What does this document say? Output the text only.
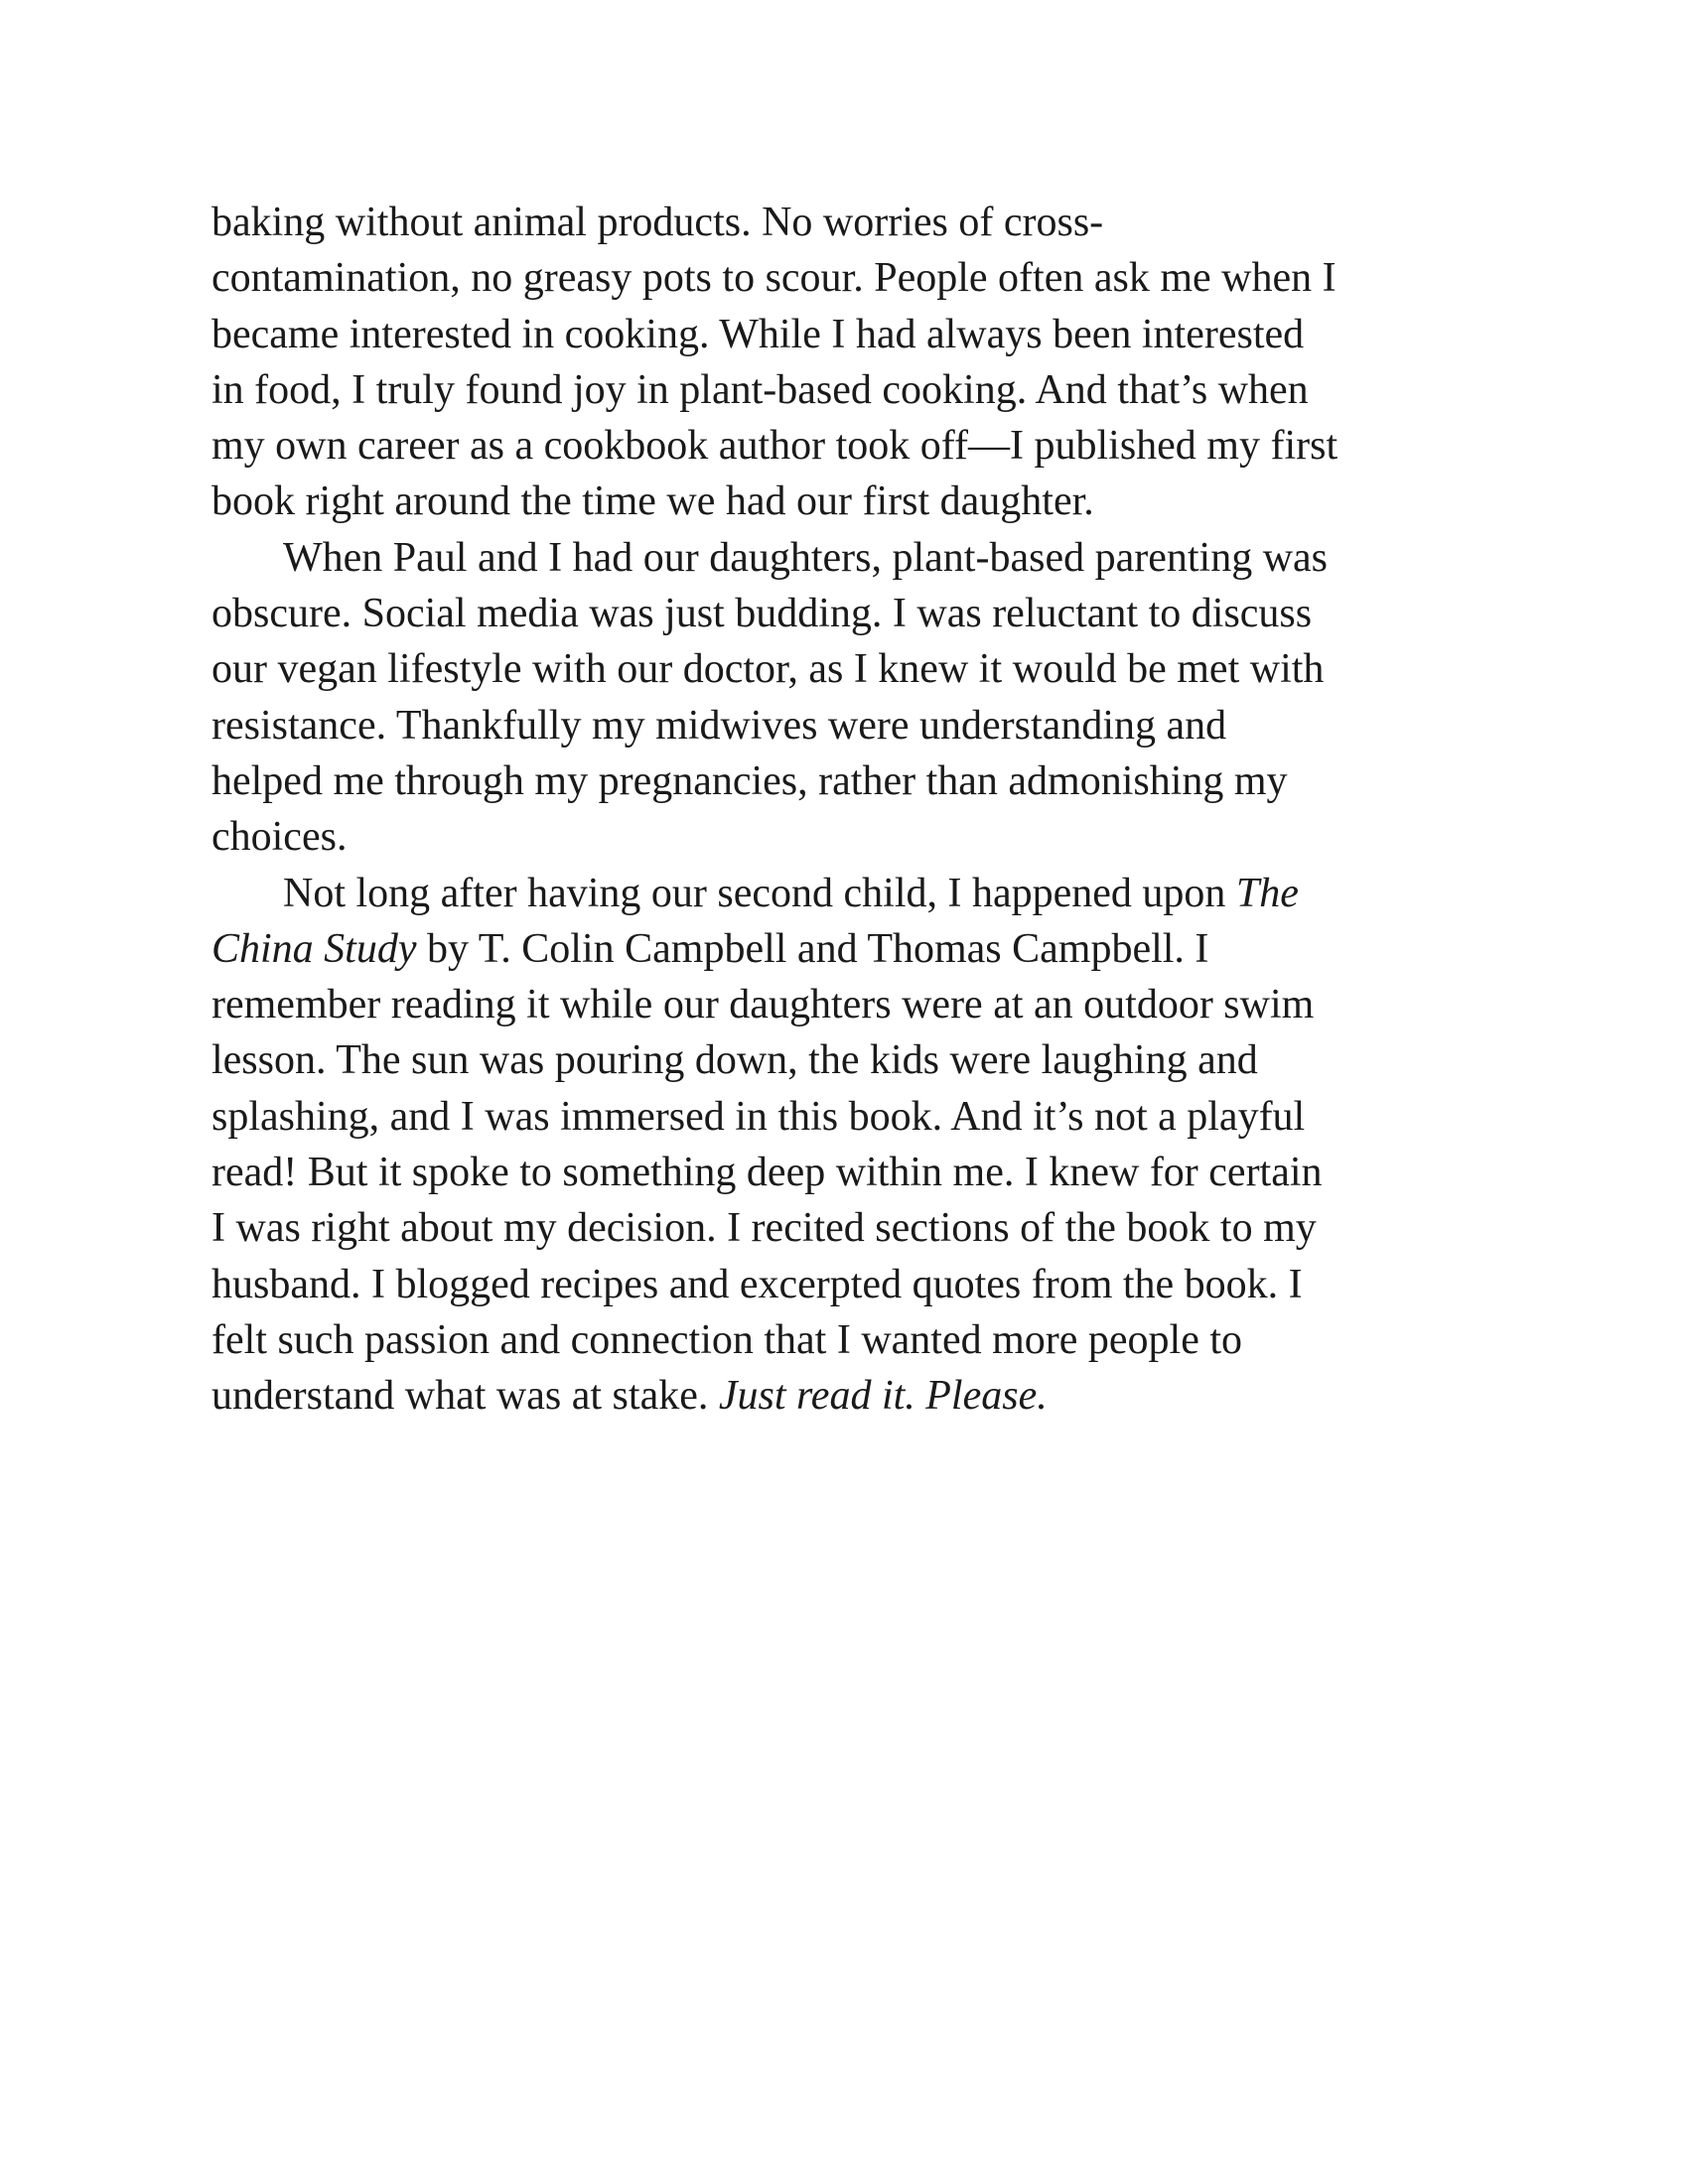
baking without animal products. No worries of cross-
contamination, no greasy pots to scour. People often ask me when I
became interested in cooking. While I had always been interested
in food, I truly found joy in plant-based cooking. And that’s when
my own career as a cookbook author took off—I published my first
book right around the time we had our first daughter.
When Paul and I had our daughters, plant-based parenting was
obscure. Social media was just budding. I was reluctant to discuss
our vegan lifestyle with our doctor, as I knew it would be met with
resistance. Thankfully my midwives were understanding and
helped me through my pregnancies, rather than admonishing my
choices.
Not long after having our second child, I happened upon The
China Study by T. Colin Campbell and Thomas Campbell. I
remember reading it while our daughters were at an outdoor swim
lesson. The sun was pouring down, the kids were laughing and
splashing, and I was immersed in this book. And it’s not a playful
read! But it spoke to something deep within me. I knew for certain
I was right about my decision. I recited sections of the book to my
husband. I blogged recipes and excerpted quotes from the book. I
felt such passion and connection that I wanted more people to
understand what was at stake. Just read it. Please.
